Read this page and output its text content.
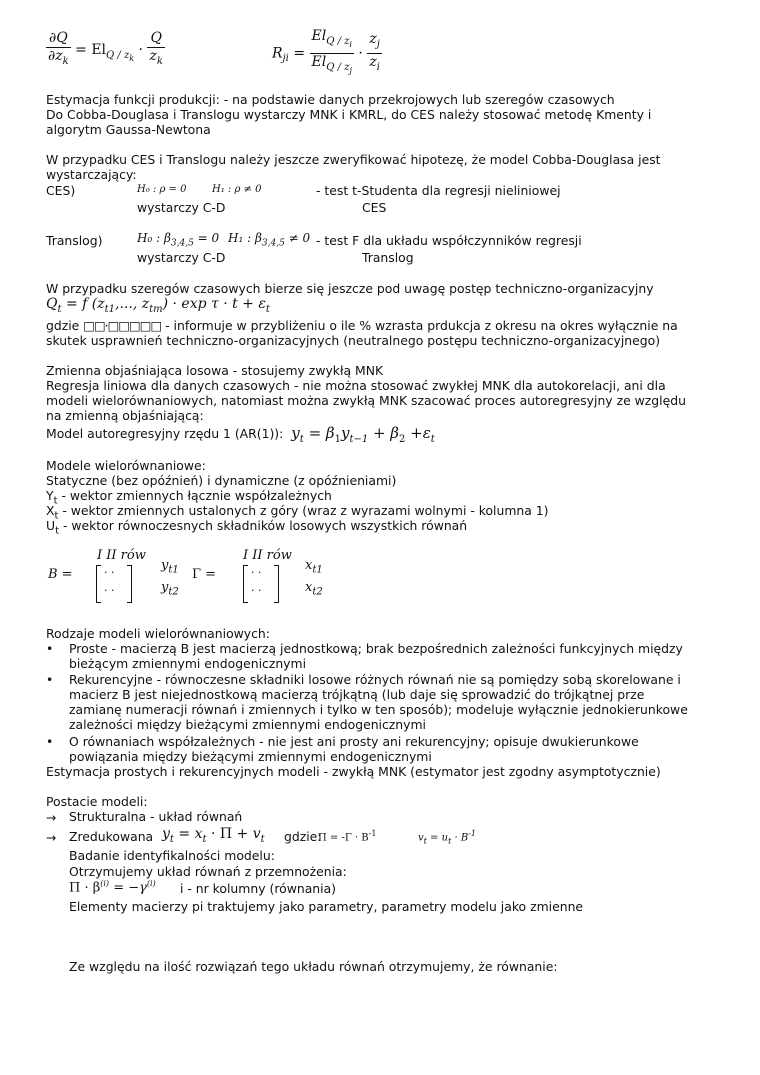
$\frac{\partial Q}{\partial z_k} = El_{Q / z_k} \cdot \frac{Q}{z_k}$	$R_{ji} = \frac{El_{Q / z_i}}{El_{Q / z_j}} \cdot \frac{z_j}{z_i}$
Estymacja funkcji produkcji: - na podstawie danych przekrojowych lub szeregów czasowych
Do Cobba-Douglasa i Translogu wystarczy MNK i KMRL, do CES należy stosować metodę Kmenty i
algorytm Gaussa-Newtona
W przypadku CES i Translogu należy jeszcze zweryfikować hipotezę, że model Cobba-Douglasa jest
wystarczający:
CES)	H₀ : ρ = 0	H₁ : ρ ≠ 0	- test t-Studenta dla regresji nieliniowej
wystarczy C-D	CES
Translog)	H₀ : $\beta_{3,4,5} = 0$ H₁ : $\beta_{3,4,5} \ne 0$ - test F dla układu współczynników regresji
wystarczy C-D	Translog
W przypadku szeregów czasowych bierze się jeszcze pod uwagę postęp techniczno-organizacyjny
$Q_t = f$ ($z_{t1}$,..., $z_{tm}) \cdot \exp \tau \cdot t + \varepsilon_t$
gdzie □□·□□□□□ - informuje w przybliżeniu o ile % wzrasta prdukcja z okresu na okres wyłącznie na
skutek usprawnień techniczno-organizacyjnych (neutralnego postępu techniczno-organizacyjnego)
Zmienna objaśniająca losowa - stosujemy zwykłą MNK
Regresja liniowa dla danych czasowych - nie można stosować zwykłej MNK dla autokorelacji, ani dla
modeli wielorównaniowych, natomiast można zwykłą MNK szacować proces autoregresyjny ze względu
na zmienną objaśniającą:
Model autoregresyjny rzędu 1 (AR(1)): $y_t = \beta_1y_{t-1} + \beta_2 +\varepsilon_t$
Modele wielorównaniowe:
Statyczne (bez opóźnień) i dynamiczne (z opóźnieniami)
$Y_t$ - wektor zmiennych łącznie współzależnych
$X_t$ - wektor zmiennych ustalonych z góry (wraz z wyrazami wolnymi - kolumna 1)
$U_t$ - wektor równoczesnych składników losowych wszystkich równań
I II rów
B =	· ·
· ·
$y_{t1}$
$y_{t2}$
I II rów
Γ =	· ·
· ·
$x_{t1}$
$x_{t2}$
Rodzaje modeli wielorównaniowych:
• Proste - macierzą B jest macierzą jednostkową; brak bezpośrednich zależności funkcyjnych między
bieżącym zmiennymi endogenicznymi
• Rekurencyjne - równoczesne składniki losowe różnych równań nie są pomiędzy sobą skorelowane i
macierz B jest niejednostkową macierzą trójkątną (lub daje się sprowadzić do trójkątnej prze
zamianę numeracji równań i zmiennych i tylko w ten sposób); modeluje wyłącznie jednokierunkowe
zależności między bieżącymi zmiennymi endogenicznymi
• O równaniach współzależnych - nie jest ani prosty ani rekurencyjny; opisuje dwukierunkowe
powiązania między bieżącymi zmiennymi endogenicznymi
Estymacja prostych i rekurencyjnych modeli - zwykłą MNK (estymator jest zgodny asymptotycznie)
Postacie modeli:
→ Strukturalna - układ równań
→ Zredukowana $y_t = x_t \cdot \Pi + v_t$ gdzie:
$\Pi = -\Gamma \cdot B^{-1}$	$v_t = u_t \cdot B^{-1}$
Badanie identyfikalności modelu:
Otrzymujemy układ równań z przemnożenia:
$\Pi \cdot \beta^{(i)} = -\gamma^{(i)}$ i - nr kolumny (równania)
Elementy macierzy pi traktujemy jako parametry, parametry modelu jako zmienne
Ze względu na ilość rozwiązań tego układu równań otrzymujemy, że równanie:
